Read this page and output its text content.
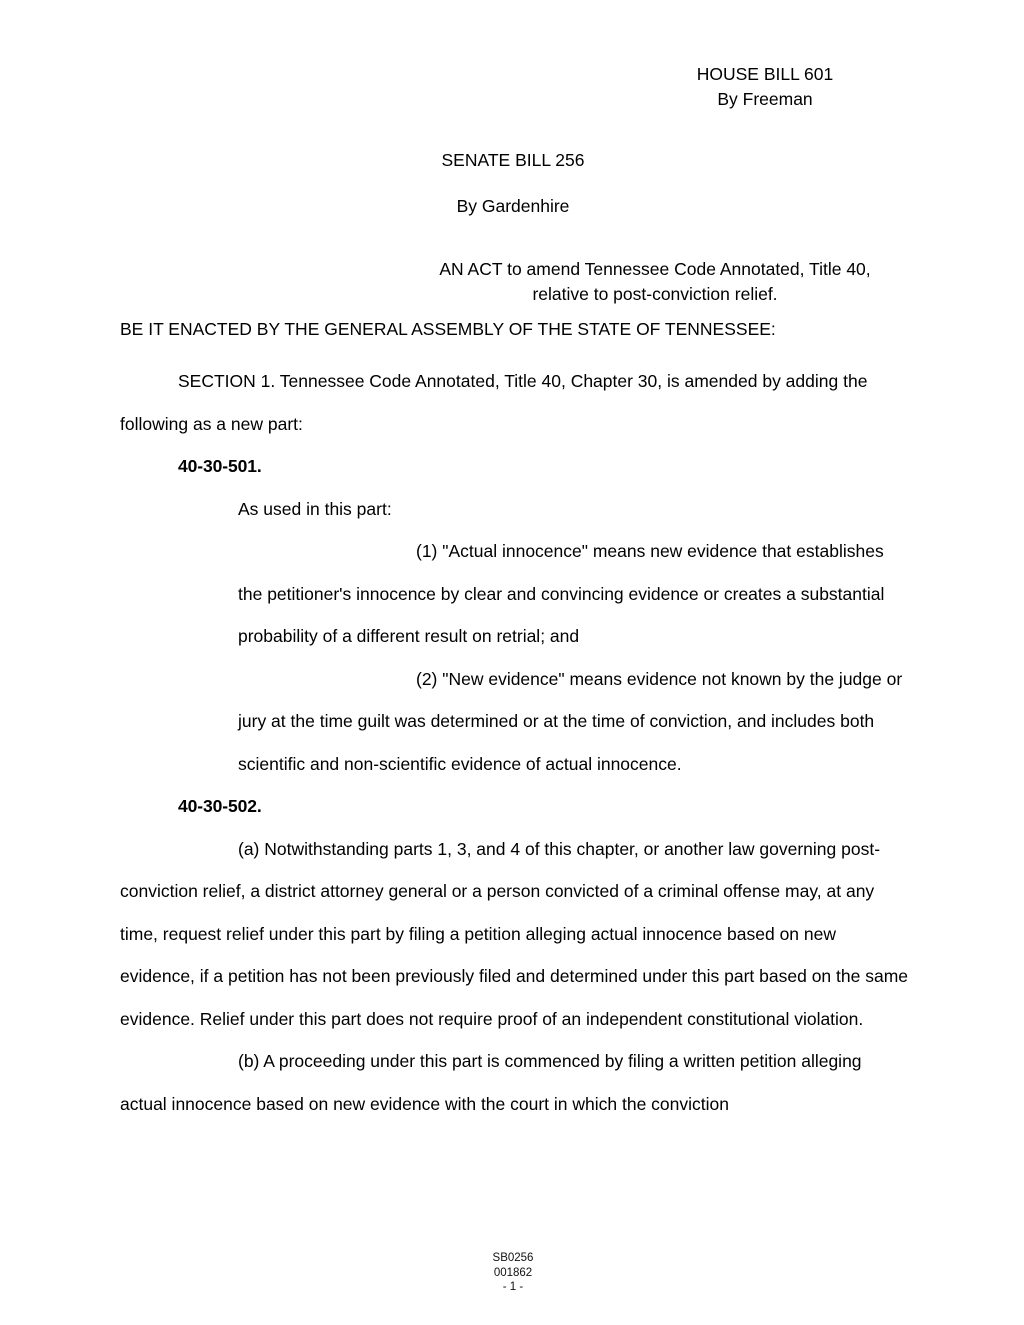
HOUSE BILL 601
By Freeman
SENATE BILL 256
By Gardenhire
AN ACT to amend Tennessee Code Annotated, Title 40,
relative to post-conviction relief.
BE IT ENACTED BY THE GENERAL ASSEMBLY OF THE STATE OF TENNESSEE:

SECTION 1. Tennessee Code Annotated, Title 40, Chapter 30, is amended by adding the following as a new part:

40-30-501.

As used in this part:

(1) "Actual innocence" means new evidence that establishes the petitioner's innocence by clear and convincing evidence or creates a substantial probability of a different result on retrial; and

(2) "New evidence" means evidence not known by the judge or jury at the time guilt was determined or at the time of conviction, and includes both scientific and non-scientific evidence of actual innocence.

40-30-502.

(a) Notwithstanding parts 1, 3, and 4 of this chapter, or another law governing post-conviction relief, a district attorney general or a person convicted of a criminal offense may, at any time, request relief under this part by filing a petition alleging actual innocence based on new evidence, if a petition has not been previously filed and determined under this part based on the same evidence. Relief under this part does not require proof of an independent constitutional violation.

(b) A proceeding under this part is commenced by filing a written petition alleging actual innocence based on new evidence with the court in which the conviction

SB0256
001862
- 1 -
